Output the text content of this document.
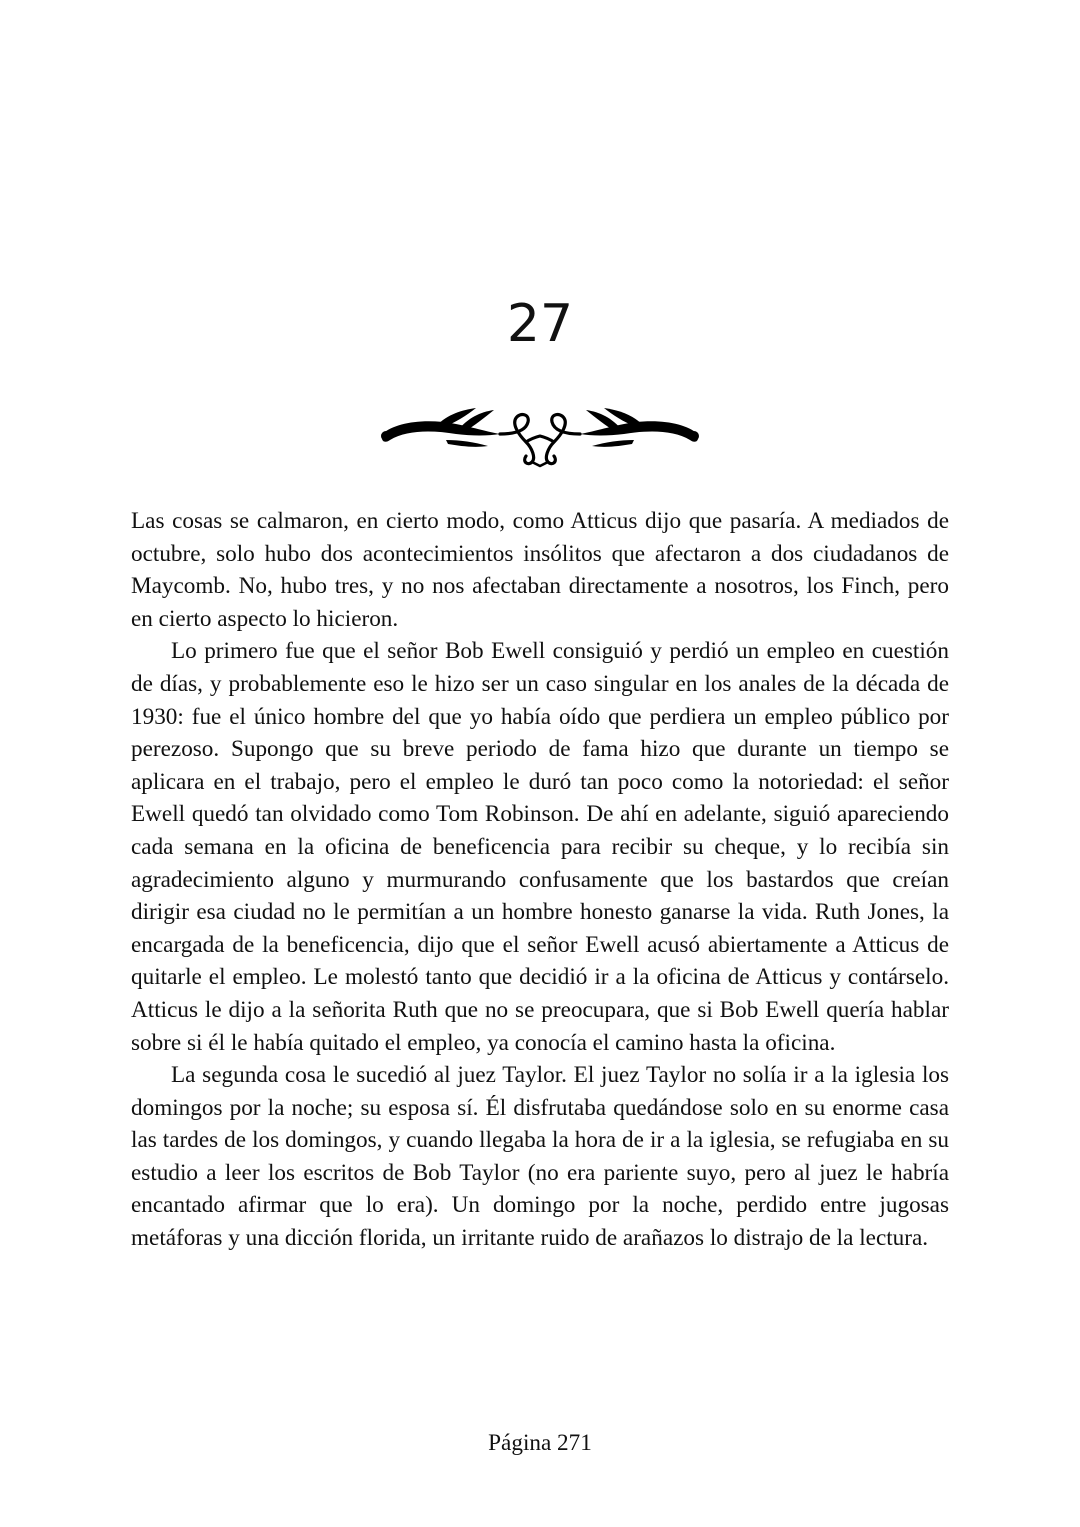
27

Las cosas se calmaron, en cierto modo, como Atticus dijo que pasaría. A mediados de octubre, solo hubo dos acontecimientos insólitos que afectaron a dos ciudadanos de Maycomb. No, hubo tres, y no nos afectaban directamente a nosotros, los Finch, pero en cierto aspecto lo hicieron.

Lo primero fue que el señor Bob Ewell consiguió y perdió un empleo en cuestión de días, y probablemente eso le hizo ser un caso singular en los anales de la década de 1930: fue el único hombre del que yo había oído que perdiera un empleo público por perezoso. Supongo que su breve periodo de fama hizo que durante un tiempo se aplicara en el trabajo, pero el empleo le duró tan poco como la notoriedad: el señor Ewell quedó tan olvidado como Tom Robinson. De ahí en adelante, siguió apareciendo cada semana en la oficina de beneficencia para recibir su cheque, y lo recibía sin agradecimiento alguno y murmurando confusamente que los bastardos que creían dirigir esa ciudad no le permitían a un hombre honesto ganarse la vida. Ruth Jones, la encargada de la beneficencia, dijo que el señor Ewell acusó abiertamente a Atticus de quitarle el empleo. Le molestó tanto que decidió ir a la oficina de Atticus y contárselo. Atticus le dijo a la señorita Ruth que no se preocupara, que si Bob Ewell quería hablar sobre si él le había quitado el empleo, ya conocía el camino hasta la oficina.

La segunda cosa le sucedió al juez Taylor. El juez Taylor no solía ir a la iglesia los domingos por la noche; su esposa sí. Él disfrutaba quedándose solo en su enorme casa las tardes de los domingos, y cuando llegaba la hora de ir a la iglesia, se refugiaba en su estudio a leer los escritos de Bob Taylor (no era pariente suyo, pero al juez le habría encantado afirmar que lo era). Un domingo por la noche, perdido entre jugosas metáforas y una dicción florida, un irritante ruido de arañazos lo distrajo de la lectura.

Página 271
